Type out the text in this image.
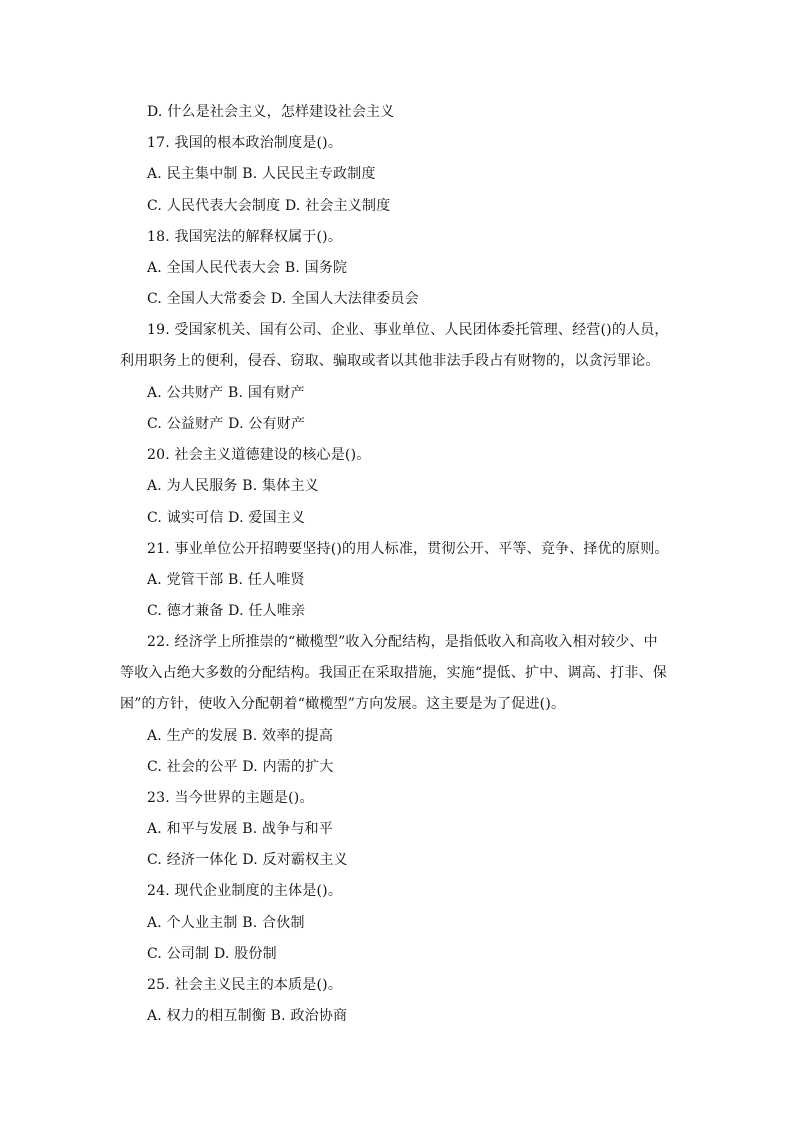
D. 什么是社会主义，怎样建设社会主义
17. 我国的根本政治制度是()。
A. 民主集中制 B. 人民民主专政制度
C. 人民代表大会制度 D. 社会主义制度
18. 我国宪法的解释权属于()。
A. 全国人民代表大会 B. 国务院
C. 全国人大常委会 D. 全国人大法律委员会
19. 受国家机关、国有公司、企业、事业单位、人民团体委托管理、经营()的人员，
利用职务上的便利，侵吞、窃取、骗取或者以其他非法手段占有财物的，以贪污罪论。
A. 公共财产 B. 国有财产
C. 公益财产 D. 公有财产
20. 社会主义道德建设的核心是()。
A. 为人民服务 B. 集体主义
C. 诚实可信 D. 爱国主义
21. 事业单位公开招聘要坚持()的用人标准，贯彻公开、平等、竞争、择优的原则。
A. 党管干部 B. 任人唯贤
C. 德才兼备 D. 任人唯亲
22. 经济学上所推崇的“橄榄型”收入分配结构，是指低收入和高收入相对较少、中
等收入占绝大多数的分配结构。我国正在采取措施，实施“提低、扩中、调高、打非、保
困”的方针，使收入分配朝着“橄榄型”方向发展。这主要是为了促进()。
A. 生产的发展 B. 效率的提高
C. 社会的公平 D. 内需的扩大
23. 当今世界的主题是()。
A. 和平与发展 B. 战争与和平
C. 经济一体化 D. 反对霸权主义
24. 现代企业制度的主体是()。
A. 个人业主制 B. 合伙制
C. 公司制 D. 股份制
25. 社会主义民主的本质是()。
A. 权力的相互制衡 B. 政治协商
